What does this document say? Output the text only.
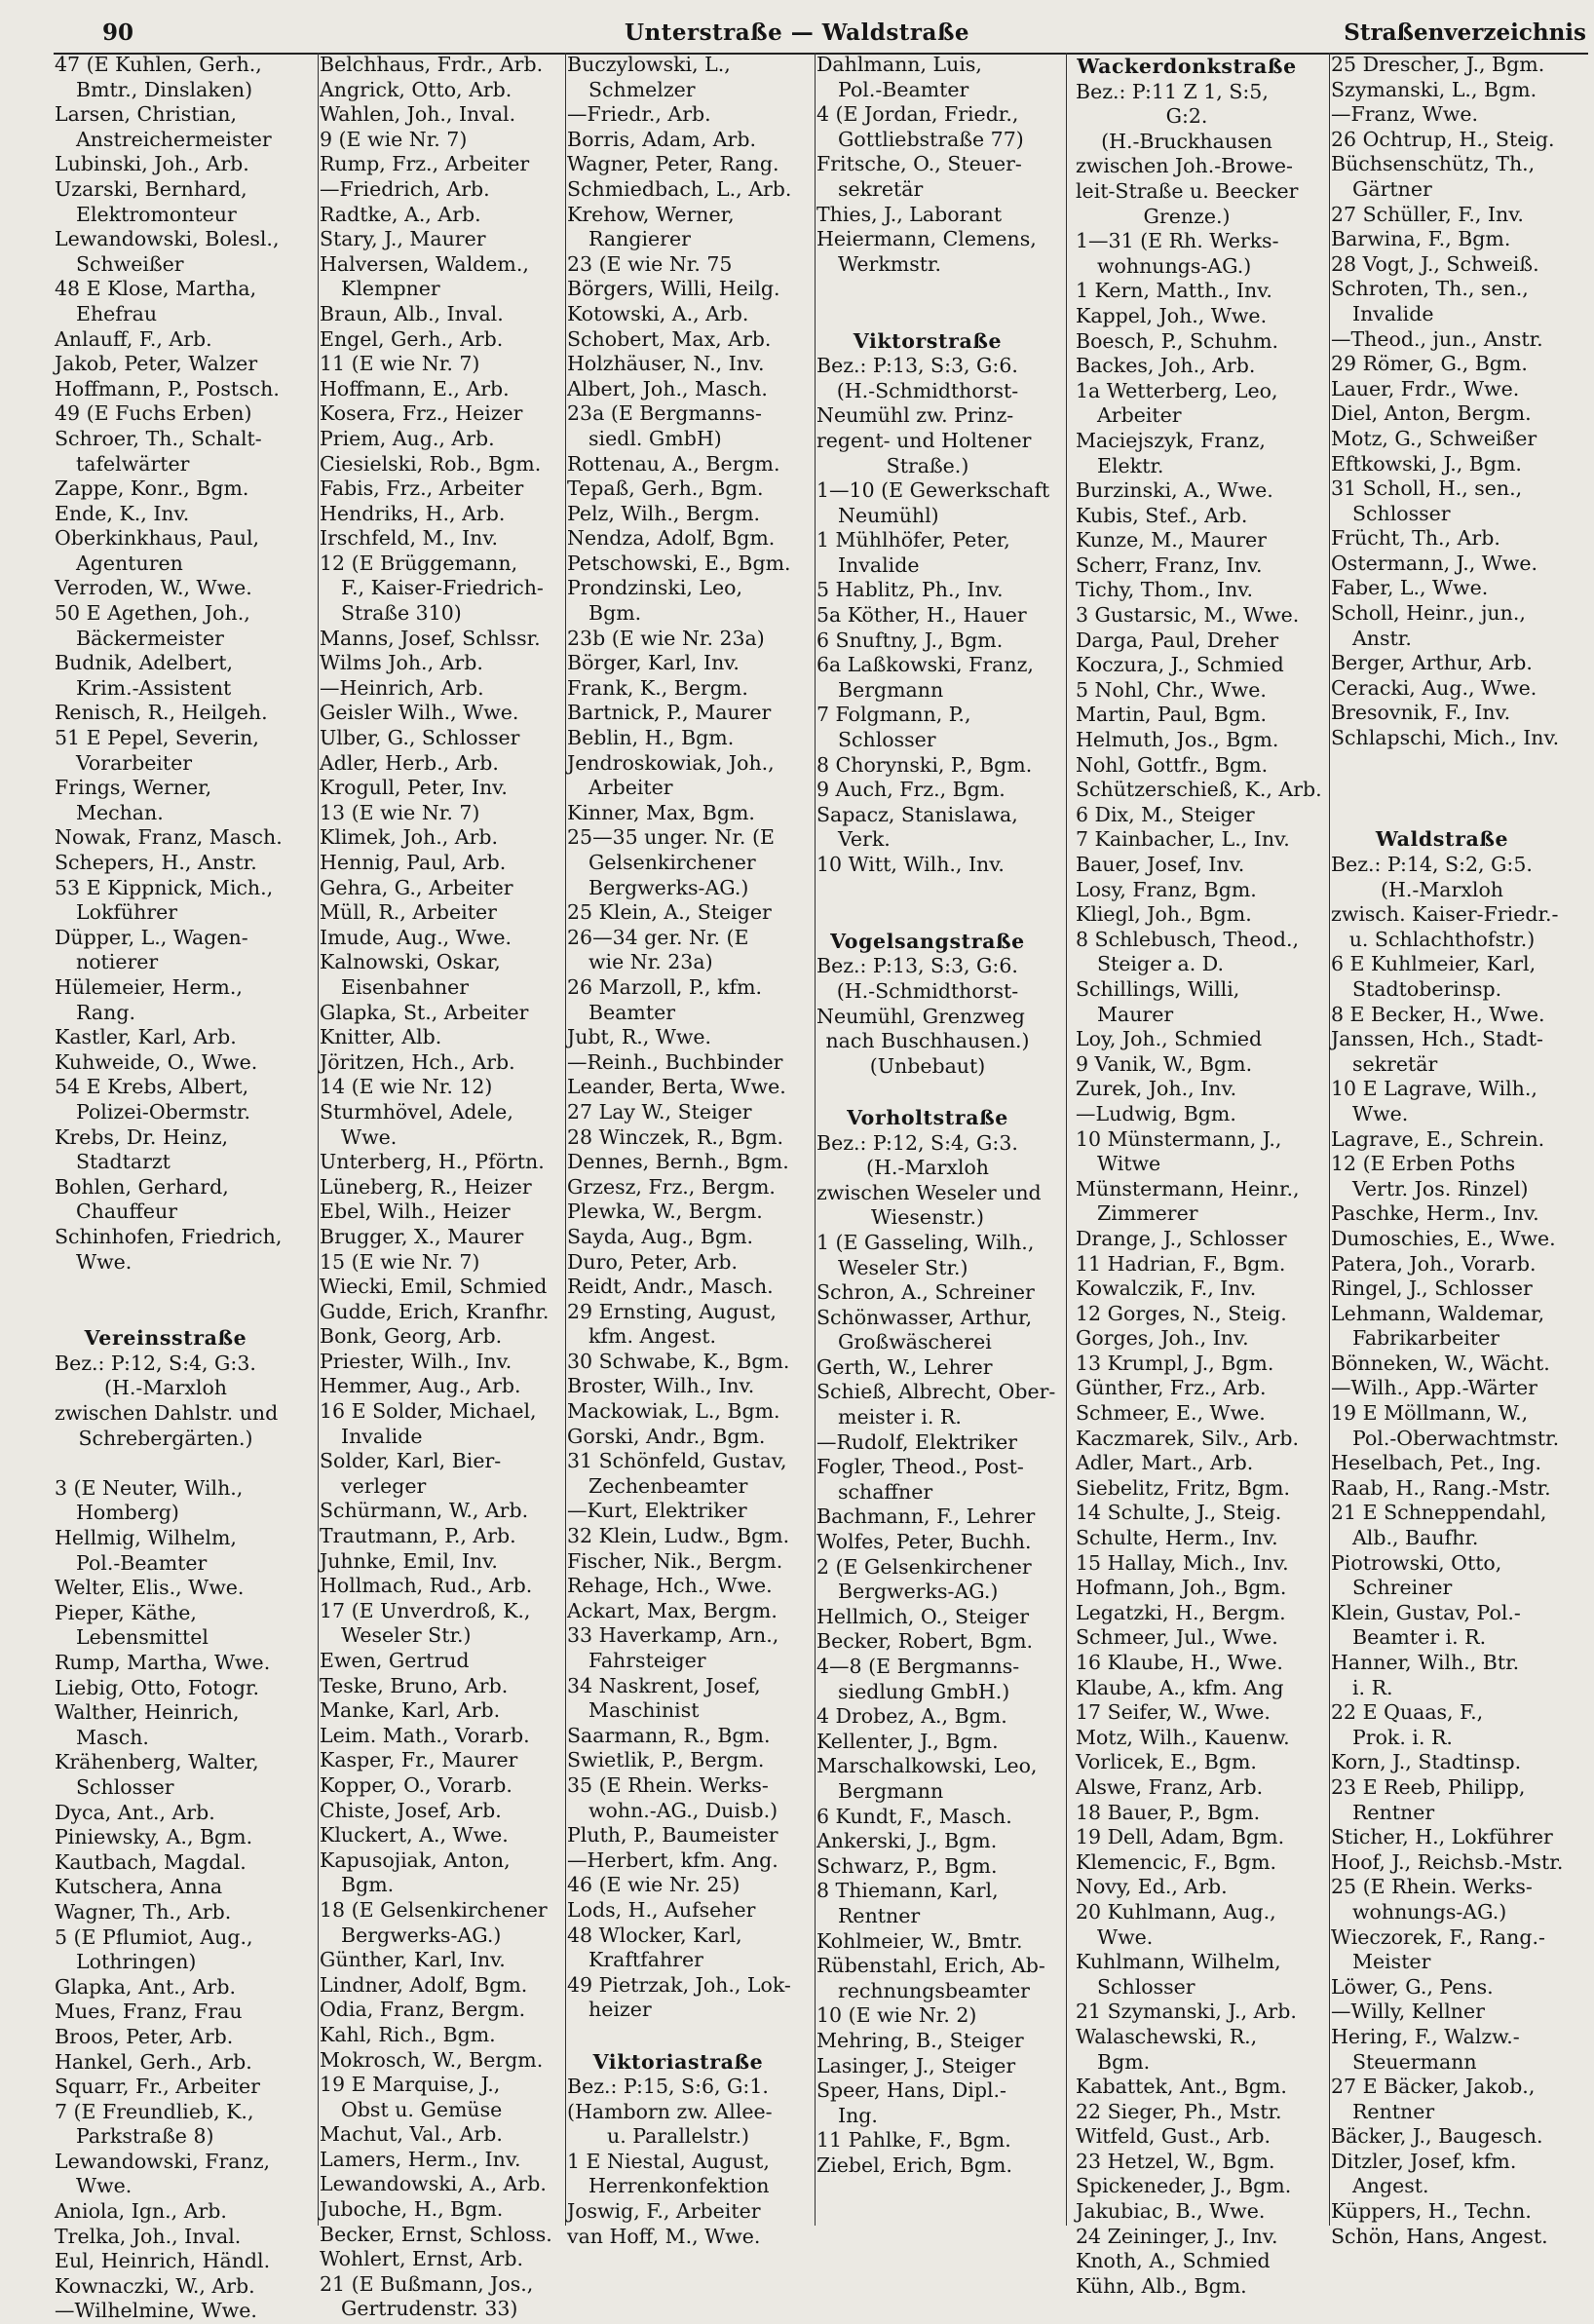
90	Unterstraße — Waldstraße	Straßenverzeichnis
47 (E Kuhlen, Gerh.,
Bmtr., Dinslaken)
Larsen, Christian,
Anstreichermeister
Lubinski, Joh., Arb.
Uzarski, Bernhard,
Elektromonteur
Lewandowski, Bolesl.,
Schweißer
48 E Klose, Martha,
Ehefrau
Anlauff, F., Arb.
Jakob, Peter, Walzer
Hoffmann, P., Postsch.
49 (E Fuchs Erben)
Schroer, Th., Schalt-
tafelwärter
Zappe, Konr., Bgm.
Ende, K., Inv.
Oberkinkhaus, Paul,
Agenturen
Verroden, W., Wwe.
50 E Agethen, Joh.,
Bäckermeister
Budnik, Adelbert,
Krim.-Assistent
Renisch, R., Heilgeh.
51 E Pepel, Severin,
Vorarbeiter
Frings, Werner,
Mechan.
Nowak, Franz, Masch.
Schepers, H., Anstr.
53 E Kippnick, Mich.,
Lokführer
Düpper, L., Wagen-
notierer
Hülemeier, Herm.,
Rang.
Kastler, Karl, Arb.
Kuhweide, O., Wwe.
54 E Krebs, Albert,
Polizei-Obermstr.
Krebs, Dr. Heinz,
Stadtarzt
Bohlen, Gerhard,
Chauffeur
Schinhofen, Friedrich,
Wwe.
Vereinsstraße
Bez.: P:12, S:4, G:3.
(H.-Marxloh
zwischen Dahlstr. und
Schrebergärten.)
3 (E Neuter, Wilh.,
Homberg)
Hellmig, Wilhelm,
Pol.-Beamter
Welter, Elis., Wwe.
Pieper, Käthe,
Lebensmittel
Rump, Martha, Wwe.
Liebig, Otto, Fotogr.
Walther, Heinrich,
Masch.
Krähenberg, Walter,
Schlosser
Dyca, Ant., Arb.
Piniewsky, A., Bgm.
Kautbach, Magdal.
Kutschera, Anna
Wagner, Th., Arb.
5 (E Pflumiot, Aug.,
Lothringen)
Glapka, Ant., Arb.
Mues, Franz, Frau
Broos, Peter, Arb.
Hankel, Gerh., Arb.
Squarr, Fr., Arbeiter
7 (E Freundlieb, K.,
Parkstraße 8)
Lewandowski, Franz,
Wwe.
Aniola, Ign., Arb.
Trelka, Joh., Inval.
Eul, Heinrich, Händl.
Kownaczki, W., Arb.
—Wilhelmine, Wwe.
Belchhaus, Frdr., Arb.
Angrick, Otto, Arb.
Wahlen, Joh., Inval.
9 (E wie Nr. 7)
Rump, Frz., Arbeiter
—Friedrich, Arb.
Radtke, A., Arb.
Stary, J., Maurer
Halversen, Waldem.,
Klempner
Braun, Alb., Inval.
Engel, Gerh., Arb.
11 (E wie Nr. 7)
Hoffmann, E., Arb.
Kosera, Frz., Heizer
Priem, Aug., Arb.
Ciesielski, Rob., Bgm.
Fabis, Frz., Arbeiter
Hendriks, H., Arb.
Irschfeld, M., Inv.
12 (E Brüggemann,
F., Kaiser-Friedrich-
Straße 310)
Manns, Josef, Schlssr.
Wilms Joh., Arb.
—Heinrich, Arb.
Geisler Wilh., Wwe.
Ulber, G., Schlosser
Adler, Herb., Arb.
Krogull, Peter, Inv.
13 (E wie Nr. 7)
Klimek, Joh., Arb.
Hennig, Paul, Arb.
Gehra, G., Arbeiter
Müll, R., Arbeiter
Imude, Aug., Wwe.
Kalnowski, Oskar,
Eisenbahner
Glapka, St., Arbeiter
Knitter, Alb.
Jöritzen, Hch., Arb.
14 (E wie Nr. 12)
Sturmhövel, Adele,
Wwe.
Unterberg, H., Pförtn.
Lüneberg, R., Heizer
Ebel, Wilh., Heizer
Brugger, X., Maurer
15 (E wie Nr. 7)
Wiecki, Emil, Schmied
Gudde, Erich, Kranfhr.
Bonk, Georg, Arb.
Priester, Wilh., Inv.
Hemmer, Aug., Arb.
16 E Solder, Michael,
Invalide
Solder, Karl, Bier-
verleger
Schürmann, W., Arb.
Trautmann, P., Arb.
Juhnke, Emil, Inv.
Hollmach, Rud., Arb.
17 (E Unverdroß, K.,
Weseler Str.)
Ewen, Gertrud
Teske, Bruno, Arb.
Manke, Karl, Arb.
Leim. Math., Vorarb.
Kasper, Fr., Maurer
Kopper, O., Vorarb.
Chiste, Josef, Arb.
Kluckert, A., Wwe.
Kapusojiak, Anton,
Bgm.
18 (E Gelsenkirchener
Bergwerks-AG.)
Günther, Karl, Inv.
Lindner, Adolf, Bgm.
Odia, Franz, Bergm.
Kahl, Rich., Bgm.
Mokrosch, W., Bergm.
19 E Marquise, J.,
Obst u. Gemüse
Machut, Val., Arb.
Lamers, Herm., Inv.
Lewandowski, A., Arb.
Juboche, H., Bgm.
Becker, Ernst, Schloss.
Wohlert, Ernst, Arb.
21 (E Bußmann, Jos.,
Gertrudenstr. 33)
Buczylowski, L.,
Schmelzer
—Friedr., Arb.
Borris, Adam, Arb.
Wagner, Peter, Rang.
Schmiedbach, L., Arb.
Krehow, Werner,
Rangierer
23 (E wie Nr. 75
Börgers, Willi, Heilg.
Kotowski, A., Arb.
Schobert, Max, Arb.
Holzhäuser, N., Inv.
Albert, Joh., Masch.
23a (E Bergmanns-
siedl. GmbH)
Rottenau, A., Bergm.
Tepaß, Gerh., Bgm.
Pelz, Wilh., Bergm.
Nendza, Adolf, Bgm.
Petschowski, E., Bgm.
Prondzinski, Leo,
Bgm.
23b (E wie Nr. 23a)
Börger, Karl, Inv.
Frank, K., Bergm.
Bartnick, P., Maurer
Beblin, H., Bgm.
Jendroskowiak, Joh.,
Arbeiter
Kinner, Max, Bgm.
25—35 unger. Nr. (E
Gelsenkirchener
Bergwerks-AG.)
25 Klein, A., Steiger
26—34 ger. Nr. (E
wie Nr. 23a)
26 Marzoll, P., kfm.
Beamter
Jubt, R., Wwe.
—Reinh., Buchbinder
Leander, Berta, Wwe.
27 Lay W., Steiger
28 Winczek, R., Bgm.
Dennes, Bernh., Bgm.
Grzesz, Frz., Bergm.
Plewka, W., Bergm.
Sayda, Aug., Bgm.
Duro, Peter, Arb.
Reidt, Andr., Masch.
29 Ernsting, August,
kfm. Angest.
30 Schwabe, K., Bgm.
Broster, Wilh., Inv.
Mackowiak, L., Bgm.
Gorski, Andr., Bgm.
31 Schönfeld, Gustav,
Zechenbeamter
—Kurt, Elektriker
32 Klein, Ludw., Bgm.
Fischer, Nik., Bergm.
Rehage, Hch., Wwe.
Ackart, Max, Bergm.
33 Haverkamp, Arn.,
Fahrsteiger
34 Naskrent, Josef,
Maschinist
Saarmann, R., Bgm.
Swietlik, P., Bergm.
35 (E Rhein. Werks-
wohn.-AG., Duisb.)
Pluth, P., Baumeister
—Herbert, kfm. Ang.
46 (E wie Nr. 25)
Lods, H., Aufseher
48 Wlocker, Karl,
Kraftfahrer
49 Pietrzak, Joh., Lok-
heizer
Viktoriastraße
Bez.: P:15, S:6, G:1.
(Hamborn zw. Allee-
u. Parallelstr.)
1 E Niestal, August,
Herrenkonfektion
Joswig, F., Arbeiter
van Hoff, M., Wwe.
Dahlmann, Luis,
Pol.-Beamter
4 (E Jordan, Friedr.,
Gottliebstraße 77)
Fritsche, O., Steuer-
sekretär
Thies, J., Laborant
Heiermann, Clemens,
Werkmstr.
Viktorstraße
Bez.: P:13, S:3, G:6.
(H.-Schmidthorst-
Neumühl zw. Prinz-
regent- und Holtener
Straße.)
1—10 (E Gewerkschaft
Neumühl)
1 Mühlhöfer, Peter,
Invalide
5 Hablitz, Ph., Inv.
5a Köther, H., Hauer
6 Snuftny, J., Bgm.
6a Laßkowski, Franz,
Bergmann
7 Folgmann, P.,
Schlosser
8 Chorynski, P., Bgm.
9 Auch, Frz., Bgm.
Sapacz, Stanislawa,
Verk.
10 Witt, Wilh., Inv.
Vogelsangstraße
Bez.: P:13, S:3, G:6.
(H.-Schmidthorst-
Neumühl, Grenzweg
nach Buschhausen.)
(Unbebaut)
Vorholtstraße
Bez.: P:12, S:4, G:3.
(H.-Marxloh
zwischen Weseler und
Wiesenstr.)
1 (E Gasseling, Wilh.,
Weseler Str.)
Schron, A., Schreiner
Schönwasser, Arthur,
Großwäscherei
Gerth, W., Lehrer
Schieß, Albrecht, Ober-
meister i. R.
—Rudolf, Elektriker
Fogler, Theod., Post-
schaffner
Bachmann, F., Lehrer
Wolfes, Peter, Buchh.
2 (E Gelsenkirchener
Bergwerks-AG.)
Hellmich, O., Steiger
Becker, Robert, Bgm.
4—8 (E Bergmanns-
siedlung GmbH.)
4 Drobez, A., Bgm.
Kellenter, J., Bgm.
Marschalkowski, Leo,
Bergmann
6 Kundt, F., Masch.
Ankerski, J., Bgm.
Schwarz, P., Bgm.
8 Thiemann, Karl,
Rentner
Kohlmeier, W., Bmtr.
Rübenstahl, Erich, Ab-
rechnungsbeamter
10 (E wie Nr. 2)
Mehring, B., Steiger
Lasinger, J., Steiger
Speer, Hans, Dipl.-
Ing.
11 Pahlke, F., Bgm.
Ziebel, Erich, Bgm.
Wackerdonkstraße
Bez.: P:11 Z 1, S:5,
G:2.
(H.-Bruckhausen
zwischen Joh.-Browe-
leit-Straße u. Beecker
Grenze.)
1—31 (E Rh. Werks-
wohnungs-AG.)
1 Kern, Matth., Inv.
Kappel, Joh., Wwe.
Boesch, P., Schuhm.
Backes, Joh., Arb.
1a Wetterberg, Leo,
Arbeiter
Maciejszyk, Franz,
Elektr.
Burzinski, A., Wwe.
Kubis, Stef., Arb.
Kunze, M., Maurer
Scherr, Franz, Inv.
Tichy, Thom., Inv.
3 Gustarsic, M., Wwe.
Darga, Paul, Dreher
Koczura, J., Schmied
5 Nohl, Chr., Wwe.
Martin, Paul, Bgm.
Helmuth, Jos., Bgm.
Nohl, Gottfr., Bgm.
Schützerschieß, K., Arb.
6 Dix, M., Steiger
7 Kainbacher, L., Inv.
Bauer, Josef, Inv.
Losy, Franz, Bgm.
Kliegl, Joh., Bgm.
8 Schlebusch, Theod.,
Steiger a. D.
Schillings, Willi,
Maurer
Loy, Joh., Schmied
9 Vanik, W., Bgm.
Zurek, Joh., Inv.
—Ludwig, Bgm.
10 Münstermann, J.,
Witwe
Münstermann, Heinr.,
Zimmerer
Drange, J., Schlosser
11 Hadrian, F., Bgm.
Kowalczik, F., Inv.
12 Gorges, N., Steig.
Gorges, Joh., Inv.
13 Krumpl, J., Bgm.
Günther, Frz., Arb.
Schmeer, E., Wwe.
Kaczmarek, Silv., Arb.
Adler, Mart., Arb.
Siebelitz, Fritz, Bgm.
14 Schulte, J., Steig.
Schulte, Herm., Inv.
15 Hallay, Mich., Inv.
Hofmann, Joh., Bgm.
Legatzki, H., Bergm.
Schmeer, Jul., Wwe.
16 Klaube, H., Wwe.
Klaube, A., kfm. Ang
17 Seifer, W., Wwe.
Motz, Wilh., Kauenw.
Vorlicek, E., Bgm.
Alswe, Franz, Arb.
18 Bauer, P., Bgm.
19 Dell, Adam, Bgm.
Klemencic, F., Bgm.
Novy, Ed., Arb.
20 Kuhlmann, Aug.,
Wwe.
Kuhlmann, Wilhelm,
Schlosser
21 Szymanski, J., Arb.
Walaschewski, R.,
Bgm.
Kabattek, Ant., Bgm.
22 Sieger, Ph., Mstr.
Witfeld, Gust., Arb.
23 Hetzel, W., Bgm.
Spickeneder, J., Bgm.
Jakubiac, B., Wwe.
24 Zeininger, J., Inv.
Knoth, A., Schmied
Kühn, Alb., Bgm.
25 Drescher, J., Bgm.
Szymanski, L., Bgm.
—Franz, Wwe.
26 Ochtrup, H., Steig.
Büchsenschütz, Th.,
Gärtner
27 Schüller, F., Inv.
Barwina, F., Bgm.
28 Vogt, J., Schweiß.
Schroten, Th., sen.,
Invalide
—Theod., jun., Anstr.
29 Römer, G., Bgm.
Lauer, Frdr., Wwe.
Diel, Anton, Bergm.
Motz, G., Schweißer
Eftkowski, J., Bgm.
31 Scholl, H., sen.,
Schlosser
Frücht, Th., Arb.
Ostermann, J., Wwe.
Faber, L., Wwe.
Scholl, Heinr., jun.,
Anstr.
Berger, Arthur, Arb.
Ceracki, Aug., Wwe.
Bresovnik, F., Inv.
Schlapschi, Mich., Inv.
Waldstraße
Bez.: P:14, S:2, G:5.
(H.-Marxloh
zwisch. Kaiser-Friedr.-
u. Schlachthofstr.)
6 E Kuhlmeier, Karl,
Stadtoberinsp.
8 E Becker, H., Wwe.
Janssen, Hch., Stadt-
sekretär
10 E Lagrave, Wilh.,
Wwe.
Lagrave, E., Schrein.
12 (E Erben Poths
Vertr. Jos. Rinzel)
Paschke, Herm., Inv.
Dumoschies, E., Wwe.
Patera, Joh., Vorarb.
Ringel, J., Schlosser
Lehmann, Waldemar,
Fabrikarbeiter
Bönneken, W., Wächt.
—Wilh., App.-Wärter
19 E Möllmann, W.,
Pol.-Oberwachtmstr.
Heselbach, Pet., Ing.
Raab, H., Rang.-Mstr.
21 E Schneppendahl,
Alb., Baufhr.
Piotrowski, Otto,
Schreiner
Klein, Gustav, Pol.-
Beamter i. R.
Hanner, Wilh., Btr.
i. R.
22 E Quaas, F.,
Prok. i. R.
Korn, J., Stadtinsp.
23 E Reeb, Philipp,
Rentner
Sticher, H., Lokführer
Hoof, J., Reichsb.-Mstr.
25 (E Rhein. Werks-
wohnungs-AG.)
Wieczorek, F., Rang.-
Meister
Löwer, G., Pens.
—Willy, Kellner
Hering, F., Walzw.-
Steuermann
27 E Bäcker, Jakob.,
Rentner
Bäcker, J., Baugesch.
Ditzler, Josef, kfm.
Angest.
Küppers, H., Techn.
Schön, Hans, Angest.
